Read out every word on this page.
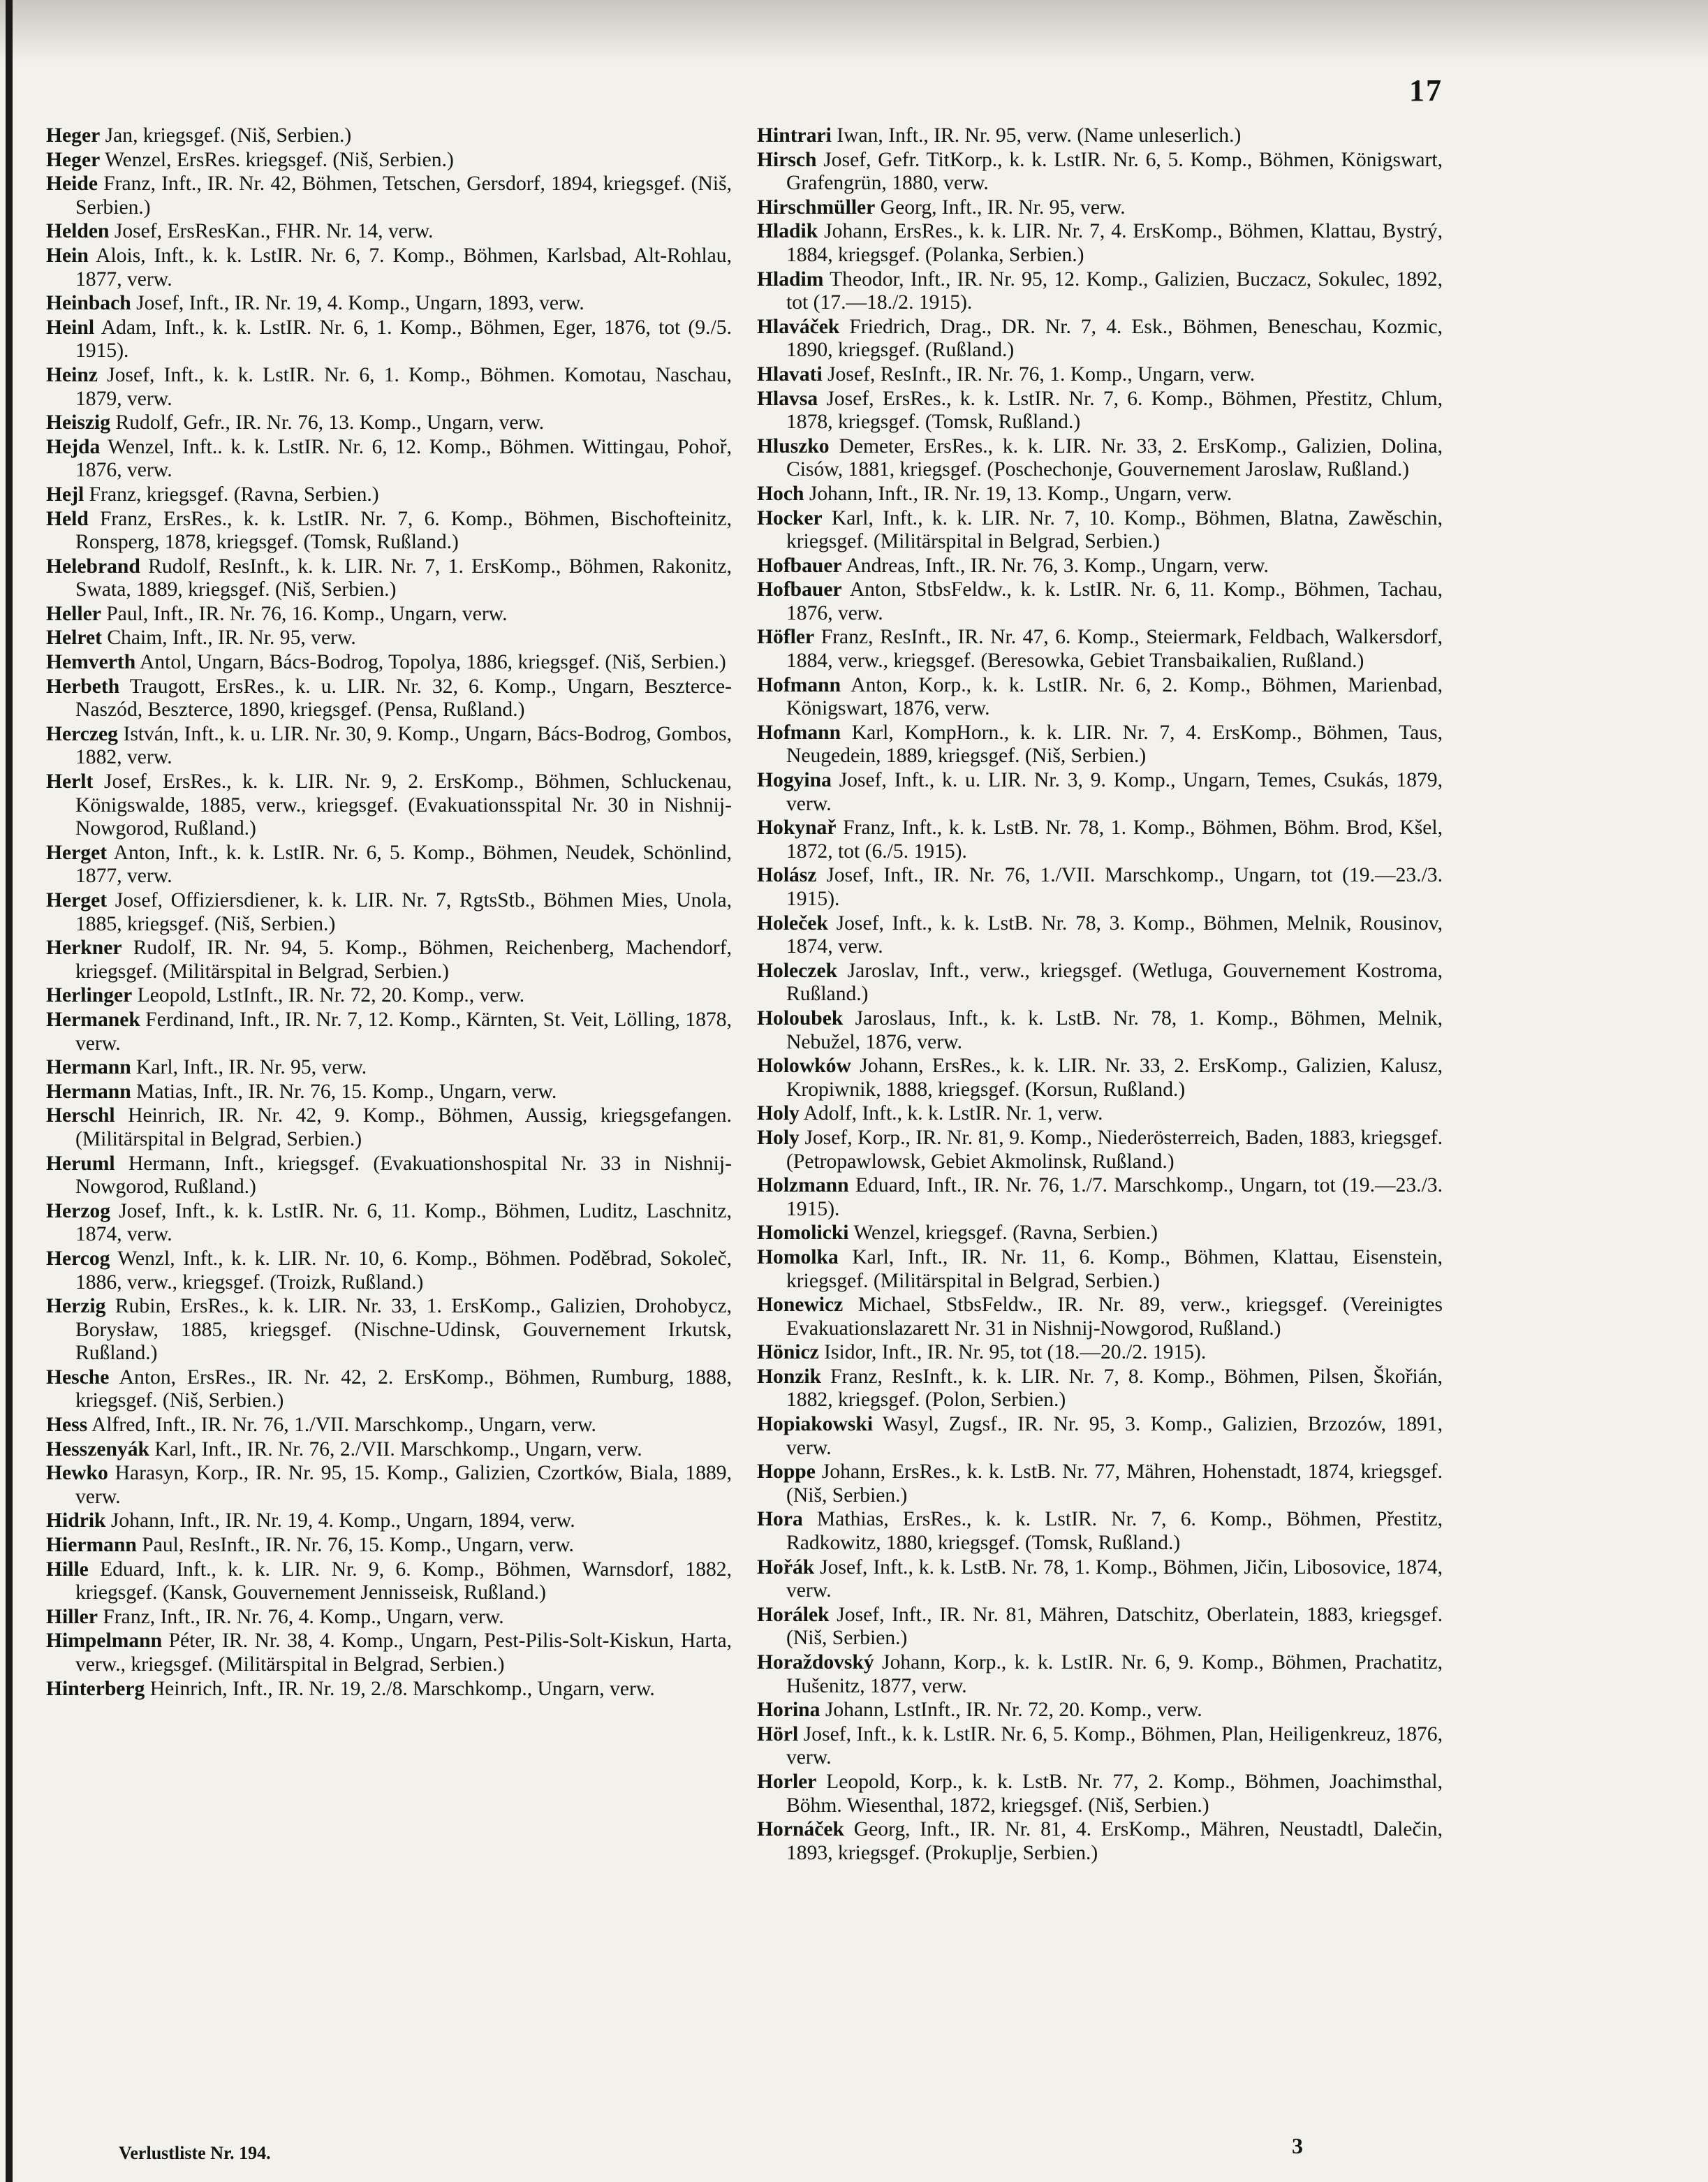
17

Heger Jan, kriegsgef. (Niš, Serbien.)

Heger Wenzel, ErsRes. kriegsgef. (Niš, Serbien.)

Heide Franz, Inft., IR. Nr. 42, Böhmen, Tetschen, Gersdorf, 1894, kriegsgef. (Niš, Serbien.)

Helden Josef, ErsResKan., FHR. Nr. 14, verw.

Hein Alois, Inft., k. k. LstIR. Nr. 6, 7. Komp., Böhmen, Karlsbad, Alt-Rohlau, 1877, verw.

Heinbach Josef, Inft., IR. Nr. 19, 4. Komp., Ungarn, 1893, verw.

Heinl Adam, Inft., k. k. LstIR. Nr. 6, 1. Komp., Böhmen, Eger, 1876, tot (9./5. 1915).

Heinz Josef, Inft., k. k. LstIR. Nr. 6, 1. Komp., Böhmen. Komotau, Naschau, 1879, verw.

Heiszig Rudolf, Gefr., IR. Nr. 76, 13. Komp., Ungarn, verw.

Hejda Wenzel, Inft.. k. k. LstIR. Nr. 6, 12. Komp., Böhmen. Wittingau, Pohoř, 1876, verw.

Hejl Franz, kriegsgef. (Ravna, Serbien.)

Held Franz, ErsRes., k. k. LstIR. Nr. 7, 6. Komp., Böhmen, Bischofteinitz, Ronsperg, 1878, kriegsgef. (Tomsk, Rußland.)

Helebrand Rudolf, ResInft., k. k. LIR. Nr. 7, 1. ErsKomp., Böhmen, Rakonitz, Swata, 1889, kriegsgef. (Niš, Serbien.)

Heller Paul, Inft., IR. Nr. 76, 16. Komp., Ungarn, verw.

Helret Chaim, Inft., IR. Nr. 95, verw.

Hemverth Antol, Ungarn, Bács-Bodrog, Topolya, 1886, kriegsgef. (Niš, Serbien.)

Herbeth Traugott, ErsRes., k. u. LIR. Nr. 32, 6. Komp., Ungarn, Beszterce-Naszód, Beszterce, 1890, kriegsgef. (Pensa, Rußland.)

Herczeg István, Inft., k. u. LIR. Nr. 30, 9. Komp., Ungarn, Bács-Bodrog, Gombos, 1882, verw.

Herlt Josef, ErsRes., k. k. LIR. Nr. 9, 2. ErsKomp., Böhmen, Schluckenau, Königswalde, 1885, verw., kriegsgef. (Evakuationsspital Nr. 30 in Nishnij-Nowgorod, Rußland.)

Herget Anton, Inft., k. k. LstIR. Nr. 6, 5. Komp., Böhmen, Neudek, Schönlind, 1877, verw.

Herget Josef, Offiziersdiener, k. k. LIR. Nr. 7, RgtsStb., Böhmen Mies, Unola, 1885, kriegsgef. (Niš, Serbien.)

Herkner Rudolf, IR. Nr. 94, 5. Komp., Böhmen, Reichenberg, Machendorf, kriegsgef. (Militärspital in Belgrad, Serbien.)

Herlinger Leopold, LstInft., IR. Nr. 72, 20. Komp., verw.

Hermanek Ferdinand, Inft., IR. Nr. 7, 12. Komp., Kärnten, St. Veit, Lölling, 1878, verw.

Hermann Karl, Inft., IR. Nr. 95, verw.

Hermann Matias, Inft., IR. Nr. 76, 15. Komp., Ungarn, verw.

Herschl Heinrich, IR. Nr. 42, 9. Komp., Böhmen, Aussig, kriegsgefangen. (Militärspital in Belgrad, Serbien.)

Heruml Hermann, Inft., kriegsgef. (Evakuationshospital Nr. 33 in Nishnij-Nowgorod, Rußland.)

Herzog Josef, Inft., k. k. LstIR. Nr. 6, 11. Komp., Böhmen, Luditz, Laschnitz, 1874, verw.

Hercog Wenzl, Inft., k. k. LIR. Nr. 10, 6. Komp., Böhmen. Poděbrad, Sokoleč, 1886, verw., kriegsgef. (Troizk, Rußland.)

Herzig Rubin, ErsRes., k. k. LIR. Nr. 33, 1. ErsKomp., Galizien, Drohobycz, Borysław, 1885, kriegsgef. (Nischne-Udinsk, Gouvernement Irkutsk, Rußland.)

Hesche Anton, ErsRes., IR. Nr. 42, 2. ErsKomp., Böhmen, Rumburg, 1888, kriegsgef. (Niš, Serbien.)

Hess Alfred, Inft., IR. Nr. 76, 1./VII. Marschkomp., Ungarn, verw.

Hesszenyák Karl, Inft., IR. Nr. 76, 2./VII. Marschkomp., Ungarn, verw.

Hewko Harasyn, Korp., IR. Nr. 95, 15. Komp., Galizien, Czortków, Biala, 1889, verw.

Hidrik Johann, Inft., IR. Nr. 19, 4. Komp., Ungarn, 1894, verw.

Hiermann Paul, ResInft., IR. Nr. 76, 15. Komp., Ungarn, verw.

Hille Eduard, Inft., k. k. LIR. Nr. 9, 6. Komp., Böhmen, Warnsdorf, 1882, kriegsgef. (Kansk, Gouvernement Jennisseisk, Rußland.)

Hiller Franz, Inft., IR. Nr. 76, 4. Komp., Ungarn, verw.

Himpelmann Péter, IR. Nr. 38, 4. Komp., Ungarn, Pest-Pilis-Solt-Kiskun, Harta, verw., kriegsgef. (Militärspital in Belgrad, Serbien.)

Hinterberg Heinrich, Inft., IR. Nr. 19, 2./8. Marschkomp., Ungarn, verw.

Hintrari Iwan, Inft., IR. Nr. 95, verw. (Name unleserlich.)

Hirsch Josef, Gefr. TitKorp., k. k. LstIR. Nr. 6, 5. Komp., Böhmen, Königswart, Grafengrün, 1880, verw.

Hirschmüller Georg, Inft., IR. Nr. 95, verw.

Hladik Johann, ErsRes., k. k. LIR. Nr. 7, 4. ErsKomp., Böhmen, Klattau, Bystrý, 1884, kriegsgef. (Polanka, Serbien.)

Hladim Theodor, Inft., IR. Nr. 95, 12. Komp., Galizien, Buczacz, Sokulec, 1892, tot (17.—18./2. 1915).

Hlaváček Friedrich, Drag., DR. Nr. 7, 4. Esk., Böhmen, Beneschau, Kozmic, 1890, kriegsgef. (Rußland.)

Hlavati Josef, ResInft., IR. Nr. 76, 1. Komp., Ungarn, verw.

Hlavsa Josef, ErsRes., k. k. LstIR. Nr. 7, 6. Komp., Böhmen, Přestitz, Chlum, 1878, kriegsgef. (Tomsk, Rußland.)

Hluszko Demeter, ErsRes., k. k. LIR. Nr. 33, 2. ErsKomp., Galizien, Dolina, Cisów, 1881, kriegsgef. (Poschechonje, Gouvernement Jaroslaw, Rußland.)

Hoch Johann, Inft., IR. Nr. 19, 13. Komp., Ungarn, verw.

Hocker Karl, Inft., k. k. LIR. Nr. 7, 10. Komp., Böhmen, Blatna, Zawěschin, kriegsgef. (Militärspital in Belgrad, Serbien.)

Hofbauer Andreas, Inft., IR. Nr. 76, 3. Komp., Ungarn, verw.

Hofbauer Anton, StbsFeldw., k. k. LstIR. Nr. 6, 11. Komp., Böhmen, Tachau, 1876, verw.

Höfler Franz, ResInft., IR. Nr. 47, 6. Komp., Steiermark, Feldbach, Walkersdorf, 1884, verw., kriegsgef. (Beresowka, Gebiet Transbaikalien, Rußland.)

Hofmann Anton, Korp., k. k. LstIR. Nr. 6, 2. Komp., Böhmen, Marienbad, Königswart, 1876, verw.

Hofmann Karl, KompHorn., k. k. LIR. Nr. 7, 4. ErsKomp., Böhmen, Taus, Neugedein, 1889, kriegsgef. (Niš, Serbien.)

Hogyina Josef, Inft., k. u. LIR. Nr. 3, 9. Komp., Ungarn, Temes, Csukás, 1879, verw.

Hokynař Franz, Inft., k. k. LstB. Nr. 78, 1. Komp., Böhmen, Böhm. Brod, Kšel, 1872, tot (6./5. 1915).

Holász Josef, Inft., IR. Nr. 76, 1./VII. Marschkomp., Ungarn, tot (19.—23./3. 1915).

Holeček Josef, Inft., k. k. LstB. Nr. 78, 3. Komp., Böhmen, Melnik, Rousinov, 1874, verw.

Holeczek Jaroslav, Inft., verw., kriegsgef. (Wetluga, Gouvernement Kostroma, Rußland.)

Holoubek Jaroslaus, Inft., k. k. LstB. Nr. 78, 1. Komp., Böhmen, Melnik, Nebužel, 1876, verw.

Holowków Johann, ErsRes., k. k. LIR. Nr. 33, 2. ErsKomp., Galizien, Kalusz, Kropiwnik, 1888, kriegsgef. (Korsun, Rußland.)

Holy Adolf, Inft., k. k. LstIR. Nr. 1, verw.

Holy Josef, Korp., IR. Nr. 81, 9. Komp., Niederösterreich, Baden, 1883, kriegsgef. (Petropawlowsk, Gebiet Akmolinsk, Rußland.)

Holzmann Eduard, Inft., IR. Nr. 76, 1./7. Marschkomp., Ungarn, tot (19.—23./3. 1915).

Homolicki Wenzel, kriegsgef. (Ravna, Serbien.)

Homolka Karl, Inft., IR. Nr. 11, 6. Komp., Böhmen, Klattau, Eisenstein, kriegsgef. (Militärspital in Belgrad, Serbien.)

Honewicz Michael, StbsFeldw., IR. Nr. 89, verw., kriegsgef. (Vereinigtes Evakuationslazarett Nr. 31 in Nishnij-Nowgorod, Rußland.)

Hönicz Isidor, Inft., IR. Nr. 95, tot (18.—20./2. 1915).

Honzik Franz, ResInft., k. k. LIR. Nr. 7, 8. Komp., Böhmen, Pilsen, Škořián, 1882, kriegsgef. (Polon, Serbien.)

Hopiakowski Wasyl, Zugsf., IR. Nr. 95, 3. Komp., Galizien, Brzozów, 1891, verw.

Hoppe Johann, ErsRes., k. k. LstB. Nr. 77, Mähren, Hohenstadt, 1874, kriegsgef. (Niš, Serbien.)

Hora Mathias, ErsRes., k. k. LstIR. Nr. 7, 6. Komp., Böhmen, Přestitz, Radkowitz, 1880, kriegsgef. (Tomsk, Rußland.)

Hořák Josef, Inft., k. k. LstB. Nr. 78, 1. Komp., Böhmen, Jičin, Libosovice, 1874, verw.

Horálek Josef, Inft., IR. Nr. 81, Mähren, Datschitz, Oberlatein, 1883, kriegsgef. (Niš, Serbien.)

Horaždovský Johann, Korp., k. k. LstIR. Nr. 6, 9. Komp., Böhmen, Prachatitz, Hušenitz, 1877, verw.

Horina Johann, LstInft., IR. Nr. 72, 20. Komp., verw.

Hörl Josef, Inft., k. k. LstIR. Nr. 6, 5. Komp., Böhmen, Plan, Heiligenkreuz, 1876, verw.

Horler Leopold, Korp., k. k. LstB. Nr. 77, 2. Komp., Böhmen, Joachimsthal, Böhm. Wiesenthal, 1872, kriegsgef. (Niš, Serbien.)

Hornáček Georg, Inft., IR. Nr. 81, 4. ErsKomp., Mähren, Neustadtl, Dalečin, 1893, kriegsgef. (Prokuplje, Serbien.)

Verlustliste Nr. 194.	3
